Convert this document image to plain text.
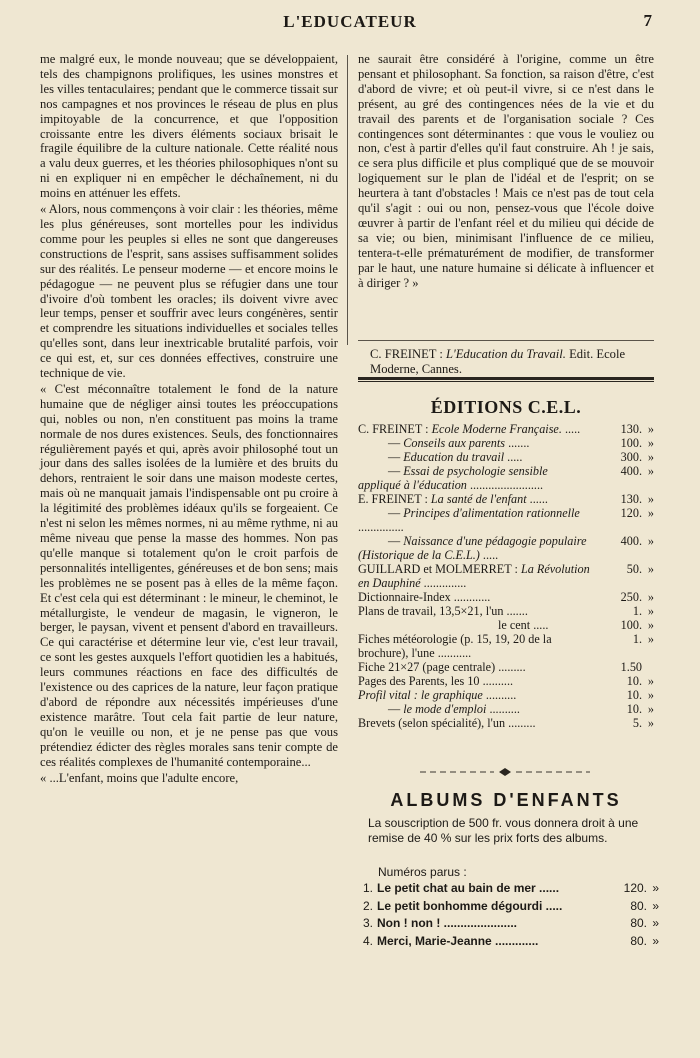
L'EDUCATEUR	7

me malgré eux, le monde nouveau; que se développaient, tels des champignons prolifiques, les usines monstres et les villes tentaculaires; pendant que le commerce tissait sur nos campagnes et nos provinces le réseau de plus en plus impitoyable de la concurrence, et que l'opposition croissante entre les divers éléments sociaux brisait le fragile équilibre de la culture nationale. Cette réalité nous a valu deux guerres, et les théories philosophiques n'ont su ni en expliquer ni en empêcher le déchaînement, ni du moins en atténuer les effets.

« Alors, nous commençons à voir clair : les théories, même les plus généreuses, sont mortelles pour les individus comme pour les peuples si elles ne sont que dangereuses constructions de l'esprit, sans assises suffisamment solides sur des réalités. Le penseur moderne — et encore moins le pédagogue — ne peuvent plus se réfugier dans une tour d'ivoire d'où tombent les oracles; ils doivent vivre avec leur temps, penser et souffrir avec leurs congénères, sentir et comprendre les situations individuelles et sociales telles qu'elles sont, dans leur inextricable brutalité parfois, voir ce qui est, et, sur ces données effectives, construire une technique de vie.

« C'est méconnaître totalement le fond de la nature humaine que de négliger ainsi toutes les préoccupations qui, nobles ou non, n'en constituent pas moins la trame normale de nos dures existences. Seuls, des fonctionnaires régulièrement payés et qui, après avoir philosophé tout un jour dans des salles isolées de la lumière et des bruits du dehors, rentraient le soir dans une maison modeste certes, mais où ne manquait jamais l'indispensable ont pu croire à la légitimité des problèmes idéaux qu'ils se forgeaient. Ce n'est ni selon les mêmes normes, ni au même rythme, ni au même niveau que pense la masse des hommes. Non pas qu'elle manque si totalement qu'on le croit parfois de personnalités intelligentes, généreuses et de bon sens; mais les problèmes ne se posent pas à elles de la même façon. Et c'est cela qui est déterminant : le mineur, le cheminot, le métallurgiste, le vendeur de magasin, le vigneron, le berger, le paysan, vivent et pensent d'abord en travailleurs. Ce qui caractérise et détermine leur vie, c'est leur travail, ce sont les gestes auxquels l'effort quotidien les a habitués, leurs communes réactions en face des difficultés de l'existence ou des caprices de la nature, leur façon pratique d'abord de répondre aux nécessités impérieuses d'une existence marâtre. Tout cela fait partie de leur nature, qu'on le veuille ou non, et je ne pense pas que vous prétendiez édicter des règles morales sans tenir compte de ces réalités complexes de l'humanité contemporaine...

« ...L'enfant, moins que l'adulte encore,

ne saurait être considéré à l'origine, comme un être pensant et philosophant. Sa fonction, sa raison d'être, c'est d'abord de vivre; et où peut-il vivre, si ce n'est dans le présent, au gré des contingences nées de la vie et du travail des parents et de l'organisation sociale ? Ces contingences sont déterminantes : que vous le vouliez ou non, c'est à partir d'elles qu'il faut construire. Ah ! je sais, ce sera plus difficile et plus compliqué que de se mouvoir logiquement sur le plan de l'idéal et de l'esprit; on se heurtera à tant d'obstacles ! Mais ce n'est pas de tout cela qu'il s'agit : oui ou non, pensez-vous que l'école doive œuvrer à partir de l'enfant réel et du milieu qui décide de sa vie; ou bien, minimisant l'influence de ce milieu, tentera-t-elle prématurément de modifier, de transformer par le haut, une nature humaine si délicate à influencer et à diriger ? »

C. FREINET : L'Education du Travail. Edit. Ecole Moderne, Cannes.
ÉDITIONS C.E.L.
C. FREINET : Ecole Moderne Française. .....	130. »
— Conseils aux parents .......	100. »
— Education du travail .....	300. »
— Essai de psychologie sensible appliqué à l'éducation ........................
400. »
E. FREINET : La santé de l'enfant ......	130. »
— Principes d'alimentation rationnelle ...............
120. »
— Naissance d'une pédagogie populaire (Historique de la C.E.L.) .....
400. »
GUILLARD et MOLMERRET : La Révolution en Dauphiné ..............
50. »
Dictionnaire-Index ............	250. »
Plans de travail, 13,5×21, l'un .......	1. »
le cent .....	100. »
Fiches météorologie (p. 15, 19, 20 de la brochure), l'une ...........
1. »
Fiche 21×27 (page centrale) .........	1.50
Pages des Parents, les 10 ..........	10. »
Profil vital : le graphique ..........	10. »
— le mode d'emploi ..........	10. »
Brevets (selon spécialité), l'un .........	5. »
ALBUMS D'ENFANTS
La souscription de 500 fr. vous donnera droit à une remise de 40 % sur les prix forts des albums.
Numéros parus :
1. Le petit chat au bain de mer ......	120. »
2. Le petit bonhomme dégourdi .....	80. »
3. Non ! non ! ......................	80. »
4. Merci, Marie-Jeanne .............	80. »
